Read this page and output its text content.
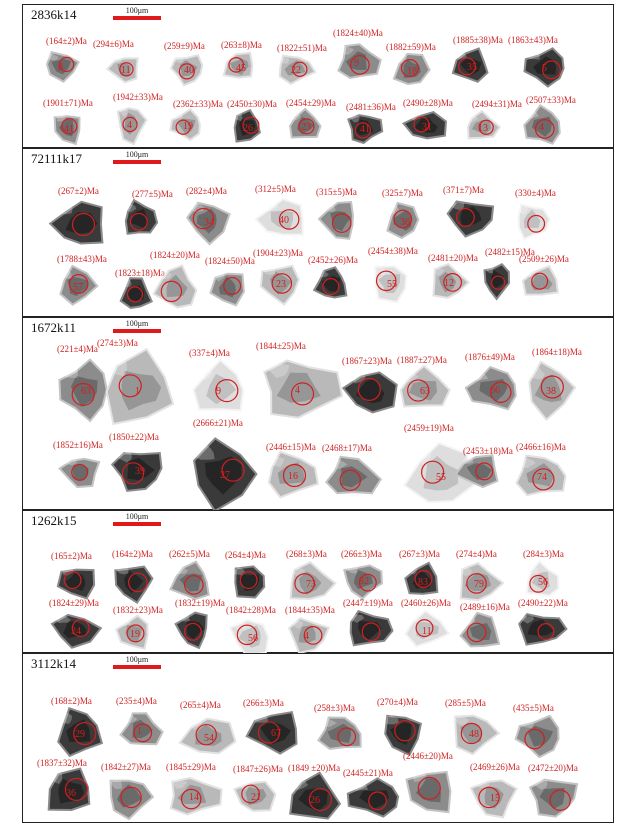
2836k14	100μm
8
(164±2)Ma
11
(294±6)Ma
40
(259±9)Ma
45
(263±8)Ma
22
(1822±51)Ma
9
(1824±40)Ma
18
(1882±59)Ma
35
(1885±38)Ma
5
(1863±43)Ma
41
(1901±71)Ma
4
(1942±33)Ma
19
(2362±33)Ma
26
(2450±30)Ma
23
(2454±29)Ma
41
(2481±36)Ma
31
(2490±28)Ma
13
(2494±31)Ma
4
(2507±33)Ma
72111k17	100μm
(267±2)Ma	(277±5)Ma
34
(282±4)Ma
40
(312±5)Ma (315±5)Ma
36
(325±7)Ma (371±7)Ma	(330±4)Ma
57
(1788±43)Ma
(1823±18)Ma
(1824±20)Ma
(1824±50)Ma
23
(1904±23)Ma
(2452±26)Ma
55
(2454±38)Ma
12
(2481±20)Ma
(2482±15)Ma
(2509±26)Ma
1672k11	100μm
63
(221±4)Ma
1
(274±3)Ma
9
(337±4)Ma
4
(1844±25)Ma
(1867±23)Ma
63
(1887±27)Ma
66
(1876±49)Ma
38
(1864±18)Ma
(1852±16)Ma
39
(1850±22)Ma
27
(2666±21)Ma
16
(2446±15)Ma (2468±17)Ma
55
(2459±19)Ma
(2453±18)Ma
74
(2466±16)Ma
1262k15	100μm
(165±2)Ma (164±2)Ma (262±5)Ma (264±4)Ma
73
(268±3)Ma
82
(266±3)Ma
83
(267±3)Ma
79
(274±4)Ma
56
(284±3)Ma
24
(1824±29)Ma
19
(1832±23)Ma
(1832±19)Ma
56
(1842±28)Ma
4
(1844±35)Ma
(2447±19)Ma
11
(2460±26)Ma (2489±16)Ma (2490±22)Ma
3112k14	100μm
29
(168±2)Ma
1
(235±4)Ma
54
(265±4)Ma
67
(266±3)Ma	(258±3)Ma
(270±4)Ma
48
(285±5)Ma	(435±5)Ma
36
(1837±32)Ma (1842±27)Ma
14
(1845±29)Ma
21
(1847±26)Ma
26
(1849 ±20)Ma (2445±21)Ma
(2446±20)Ma
15
(2469±26)Ma (2472±20)Ma
